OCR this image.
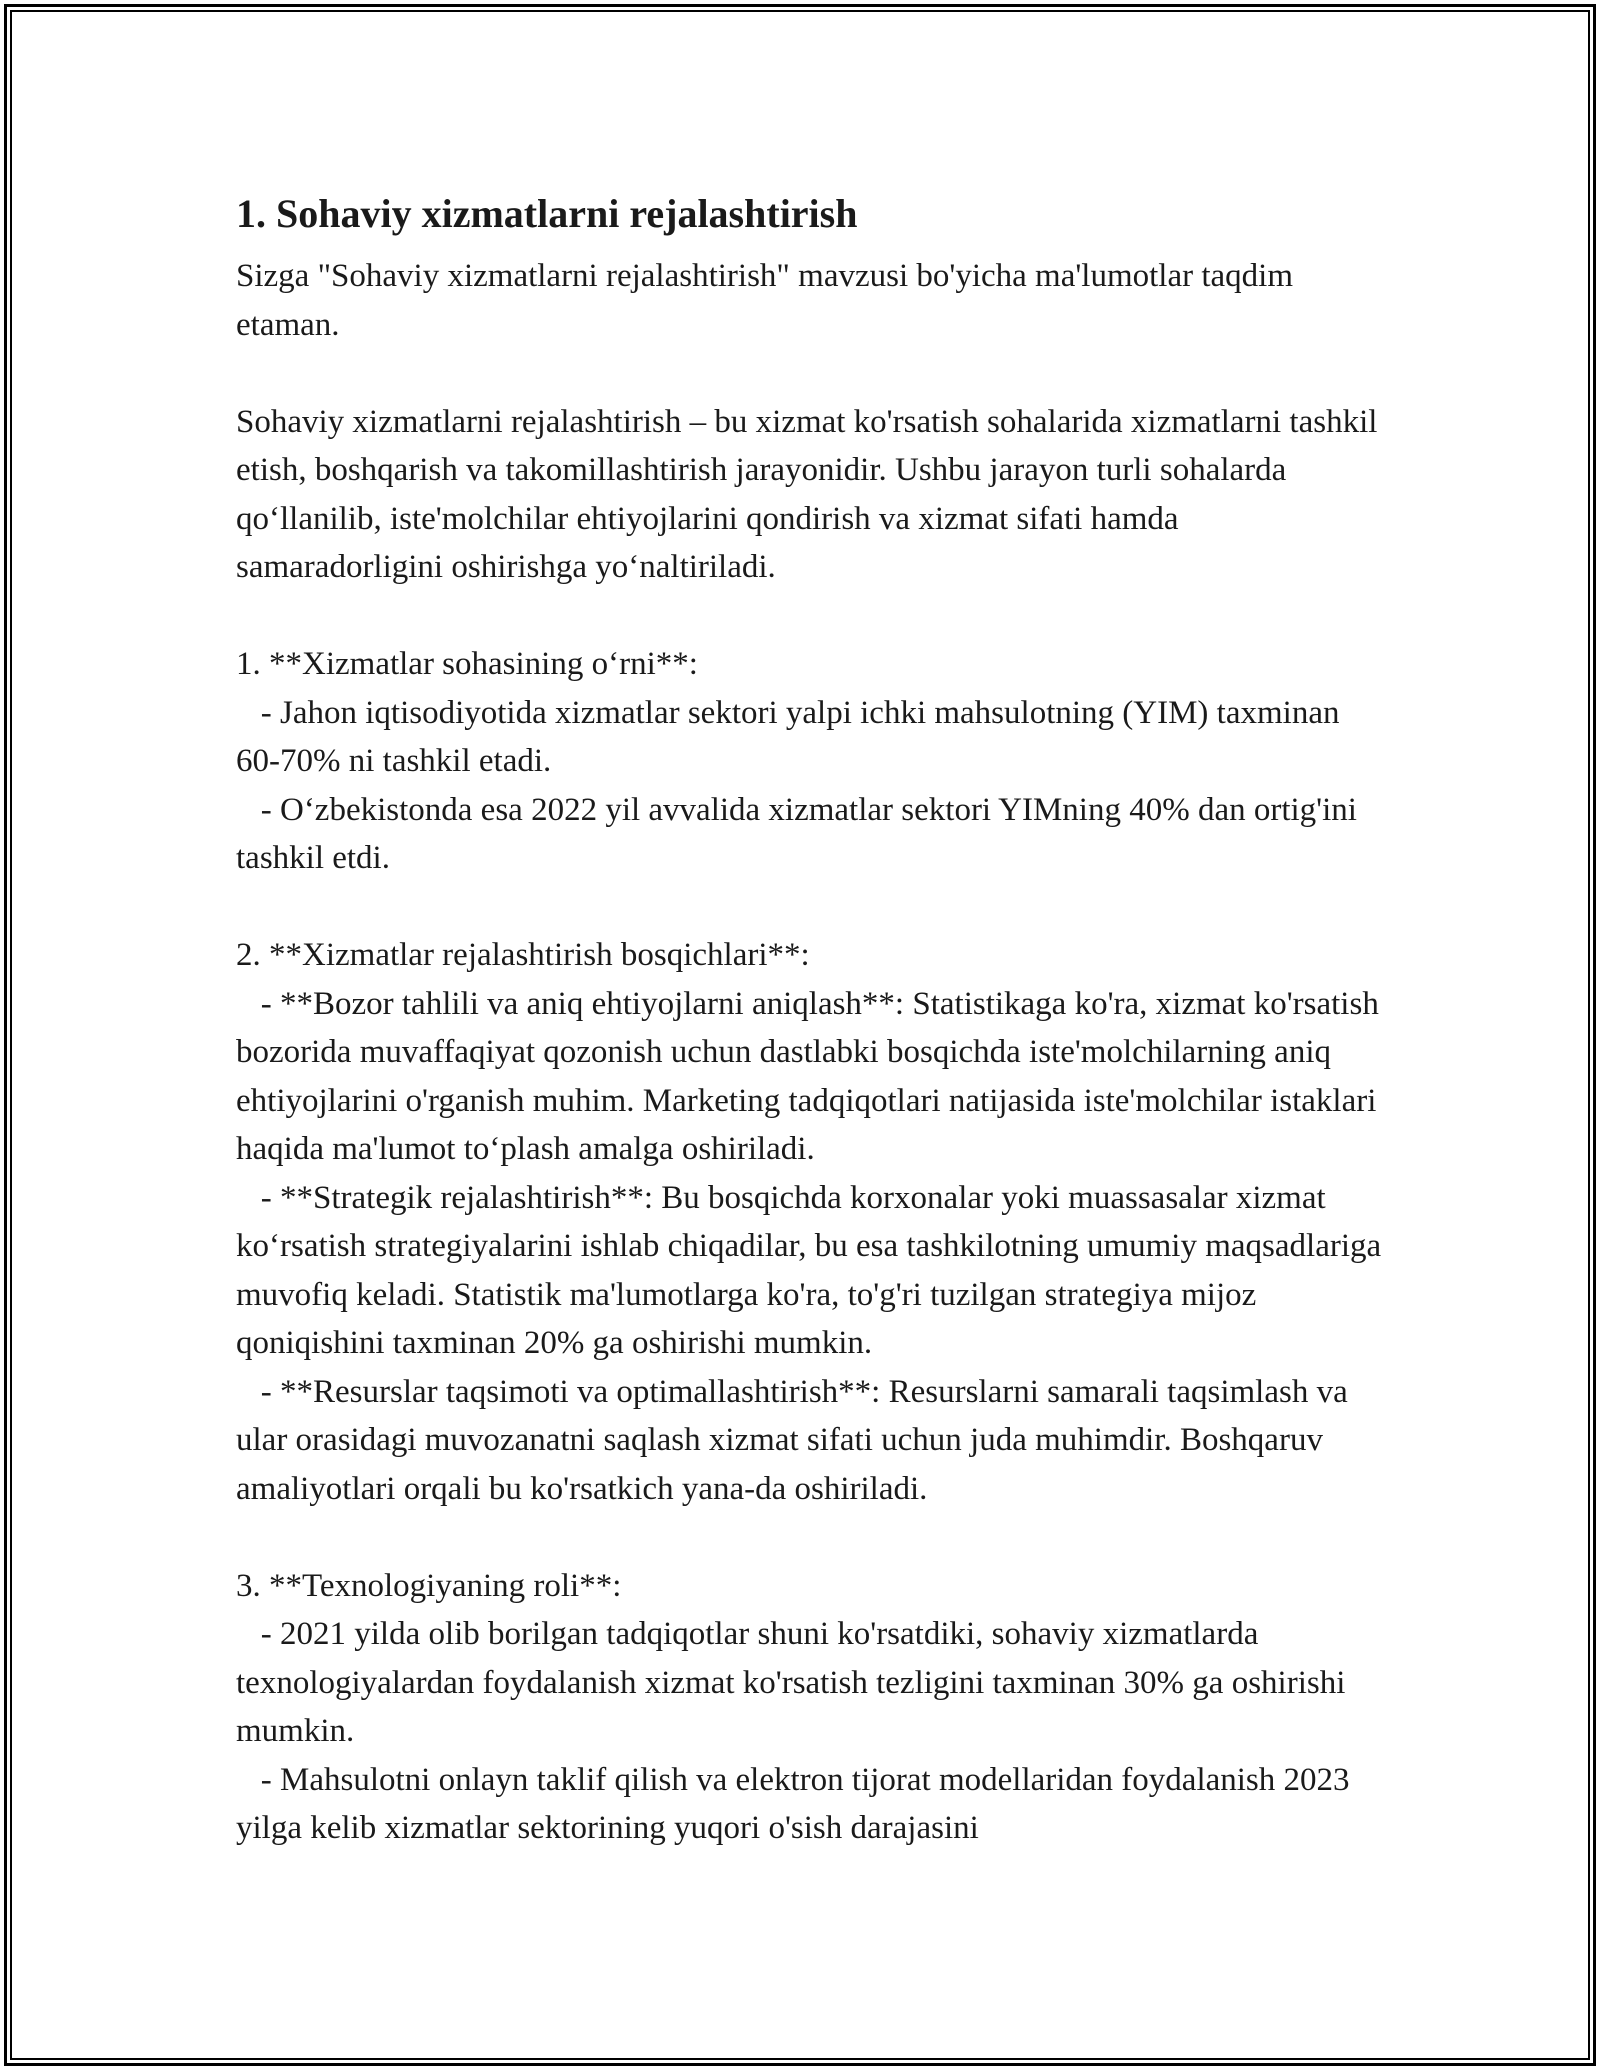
1. Sohaviy xizmatlarni rejalashtirish

Sizga "Sohaviy xizmatlarni rejalashtirish" mavzusi bo'yicha ma'lumotlar taqdim etaman.

Sohaviy xizmatlarni rejalashtirish – bu xizmat ko'rsatish sohalarida xizmatlarni tashkil etish, boshqarish va takomillashtirish jarayonidir. Ushbu jarayon turli sohalarda qo‘llanilib, iste'molchilar ehtiyojlarini qondirish va xizmat sifati hamda samaradorligini oshirishga yo‘naltiriladi.

1. **Xizmatlar sohasining o‘rni**:

- Jahon iqtisodiyotida xizmatlar sektori yalpi ichki mahsulotning (YIM) taxminan 60-70% ni tashkil etadi.

- O‘zbekistonda esa 2022 yil avvalida xizmatlar sektori YIMning 40% dan ortig'ini tashkil etdi.

2. **Xizmatlar rejalashtirish bosqichlari**:

- **Bozor tahlili va aniq ehtiyojlarni aniqlash**: Statistikaga ko'ra, xizmat ko'rsatish bozorida muvaffaqiyat qozonish uchun dastlabki bosqichda iste'molchilarning aniq ehtiyojlarini o'rganish muhim. Marketing tadqiqotlari natijasida iste'molchilar istaklari haqida ma'lumot to‘plash amalga oshiriladi.

- **Strategik rejalashtirish**: Bu bosqichda korxonalar yoki muassasalar xizmat ko‘rsatish strategiyalarini ishlab chiqadilar, bu esa tashkilotning umumiy maqsadlariga muvofiq keladi. Statistik ma'lumotlarga ko'ra, to'g'ri tuzilgan strategiya mijoz qoniqishini taxminan 20% ga oshirishi mumkin.

- **Resurslar taqsimoti va optimallashtirish**: Resurslarni samarali taqsimlash va ular orasidagi muvozanatni saqlash xizmat sifati uchun juda muhimdir. Boshqaruv amaliyotlari orqali bu ko'rsatkich yana-da oshiriladi.

3. **Texnologiyaning roli**:

- 2021 yilda olib borilgan tadqiqotlar shuni ko'rsatdiki, sohaviy xizmatlarda texnologiyalardan foydalanish xizmat ko'rsatish tezligini taxminan 30% ga oshirishi mumkin.

- Mahsulotni onlayn taklif qilish va elektron tijorat modellaridan foydalanish 2023 yilga kelib xizmatlar sektorining yuqori o'sish darajasini
